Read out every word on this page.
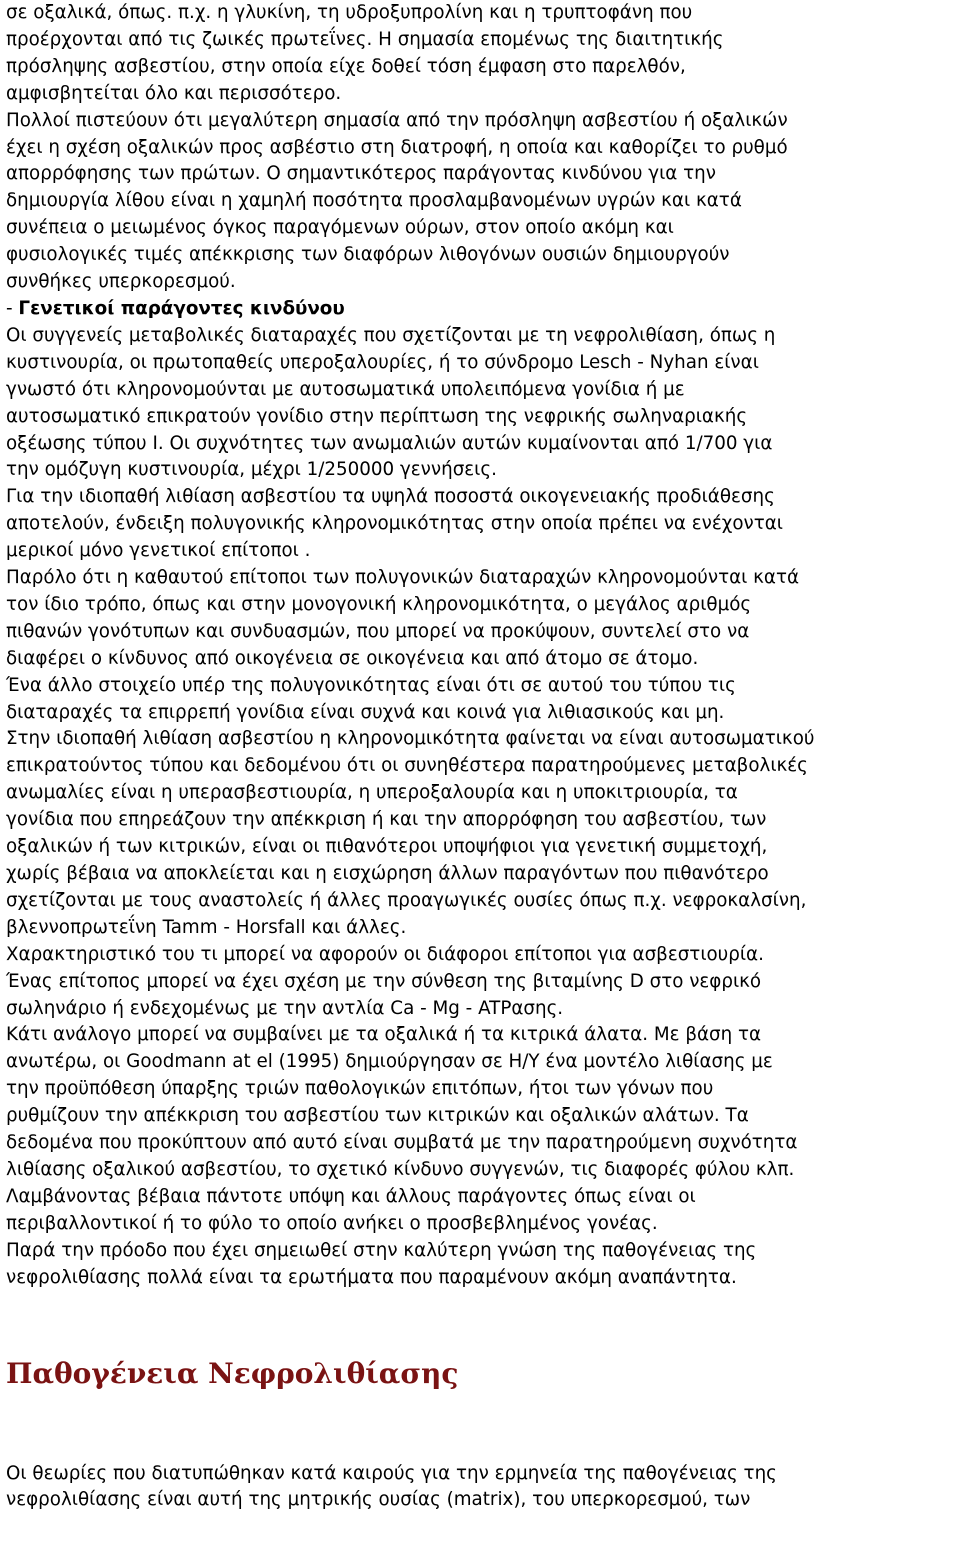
σε οξαλικά, όπως. π.χ. η γλυκίνη, τη υδροξυπρολίνη και η τρυπτοφάνη που
προέρχονται από τις ζωικές πρωτεΐνες. Η σημασία επομένως της διαιτητικής
πρόσληψης ασβεστίου, στην οποία είχε δοθεί τόση έμφαση στο παρελθόν,
αμφισβητείται όλο και περισσότερο.
Πολλοί πιστεύουν ότι μεγαλύτερη σημασία από την πρόσληψη ασβεστίου ή οξαλικών
έχει η σχέση οξαλικών προς ασβέστιο στη διατροφή, η οποία και καθορίζει το ρυθμό
απορρόφησης των πρώτων. Ο σημαντικότερος παράγοντας κινδύνου για την
δημιουργία λίθου είναι η χαμηλή ποσότητα προσλαμβανομένων υγρών και κατά
συνέπεια ο μειωμένος όγκος παραγόμενων ούρων, στον οποίο ακόμη και
φυσιολογικές τιμές απέκκρισης των διαφόρων λιθογόνων ουσιών δημιουργούν
συνθήκες υπερκορεσμού.
- Γενετικοί παράγοντες κινδύνου
Οι συγγενείς μεταβολικές διαταραχές που σχετίζονται με τη νεφρολιθίαση, όπως η
κυστινουρία, οι πρωτοπαθείς υπεροξαλουρίες, ή το σύνδρομο Lesch - Nyhan είναι
γνωστό ότι κληρονομούνται με αυτοσωματικά υπολειπόμενα γονίδια ή με
αυτοσωματικό επικρατούν γονίδιο στην περίπτωση της νεφρικής σωληναριακής
οξέωσης τύπου I. Οι συχνότητες των ανωμαλιών αυτών κυμαίνονται από 1/700 για
την ομόζυγη κυστινουρία, μέχρι 1/250000 γεννήσεις.
Για την ιδιοπαθή λιθίαση ασβεστίου τα υψηλά ποσοστά οικογενειακής προδιάθεσης
αποτελούν, ένδειξη πολυγονικής κληρονομικότητας στην οποία πρέπει να ενέχονται
μερικοί μόνο γενετικοί επίτοποι .
Παρόλο ότι η καθαυτού επίτοποι των πολυγονικών διαταραχών κληρονομούνται κατά
τον ίδιο τρόπο, όπως και στην μονογονική κληρονομικότητα, ο μεγάλος αριθμός
πιθανών γονότυπων και συνδυασμών, που μπορεί να προκύψουν, συντελεί στο να
διαφέρει ο κίνδυνος από οικογένεια σε οικογένεια και από άτομο σε άτομο.
Ένα άλλο στοιχείο υπέρ της πολυγονικότητας είναι ότι σε αυτού του τύπου τις
διαταραχές τα επιρρεπή γονίδια είναι συχνά και κοινά για λιθιασικούς και μη.
Στην ιδιοπαθή λιθίαση ασβεστίου η κληρονομικότητα φαίνεται να είναι αυτοσωματικού
επικρατούντος τύπου και δεδομένου ότι οι συνηθέστερα παρατηρούμενες μεταβολικές
ανωμαλίες είναι η υπερασβεστιουρία, η υπεροξαλουρία και η υποκιτριουρία, τα
γονίδια που επηρεάζουν την απέκκριση ή και την απορρόφηση του ασβεστίου, των
οξαλικών ή των κιτρικών, είναι οι πιθανότεροι υποψήφιοι για γενετική συμμετοχή,
χωρίς βέβαια να αποκλείεται και η εισχώρηση άλλων παραγόντων που πιθανότερο
σχετίζονται με τους αναστολείς ή άλλες προαγωγικές ουσίες όπως π.χ. νεφροκαλσίνη,
βλεννοπρωτεΐνη Tamm - Horsfall και άλλες.
Χαρακτηριστικό του τι μπορεί να αφορούν οι διάφοροι επίτοποι για ασβεστιουρία.
Ένας επίτοπος μπορεί να έχει σχέση με την σύνθεση της βιταμίνης D στο νεφρικό
σωληνάριο ή ενδεχομένως με την αντλία Ca - Mg - ATPασης.
Κάτι ανάλογο μπορεί να συμβαίνει με τα οξαλικά ή τα κιτρικά άλατα. Με βάση τα
ανωτέρω, οι Goodmann at el (1995) δημιούργησαν σε Η/Υ ένα μοντέλο λιθίασης με
την προϋπόθεση ύπαρξης τριών παθολογικών επιτόπων, ήτοι των γόνων που
ρυθμίζουν την απέκκριση του ασβεστίου των κιτρικών και οξαλικών αλάτων. Τα
δεδομένα που προκύπτουν από αυτό είναι συμβατά με την παρατηρούμενη συχνότητα
λιθίασης οξαλικού ασβεστίου, το σχετικό κίνδυνο συγγενών, τις διαφορές φύλου κλπ.
Λαμβάνοντας βέβαια πάντοτε υπόψη και άλλους παράγοντες όπως είναι οι
περιβαλλοντικοί ή το φύλο το οποίο ανήκει ο προσβεβλημένος γονέας.
Παρά την πρόοδο που έχει σημειωθεί στην καλύτερη γνώση της παθογένειας της
νεφρολιθίασης πολλά είναι τα ερωτήματα που παραμένουν ακόμη αναπάντητα.
Παθογένεια Νεφρολιθίασης
Οι θεωρίες που διατυπώθηκαν κατά καιρούς για την ερμηνεία της παθογένειας της
νεφρολιθίασης είναι αυτή της μητρικής ουσίας (matrix), του υπερκορεσμού, των
